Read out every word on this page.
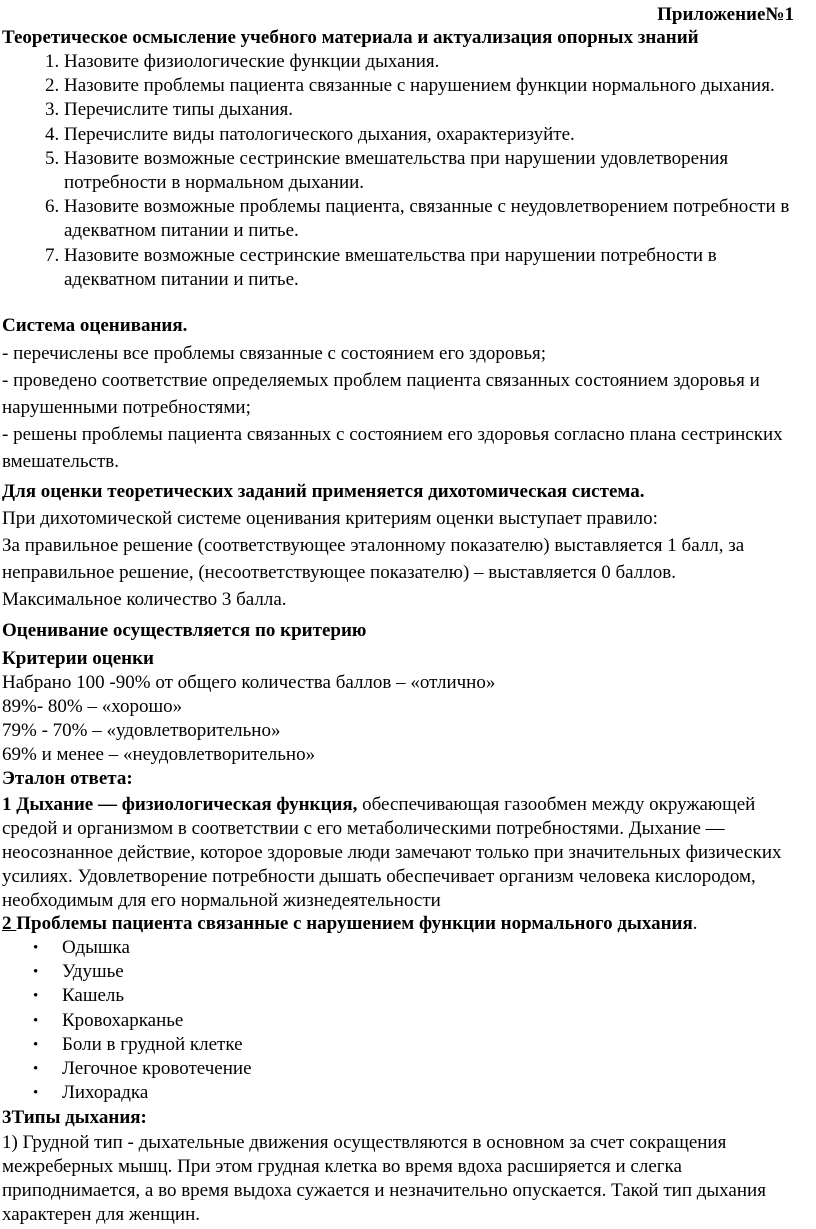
Приложение№1
Теоретическое осмысление учебного материала и актуализация опорных знаний
1. Назовите физиологические функции дыхания.
2. Назовите проблемы пациента связанные с нарушением функции нормального дыхания.
3. Перечислите типы дыхания.
4. Перечислите виды патологического дыхания, охарактеризуйте.
5. Назовите возможные сестринские вмешательства при нарушении удовлетворения потребности в нормальном дыхании.
6. Назовите возможные проблемы пациента, связанные с неудовлетворением потребности в адекватном питании и питье.
7. Назовите возможные сестринские вмешательства при нарушении потребности в адекватном питании и питье.
Система оценивания.

- перечислены все проблемы связанные с состоянием его здоровья;

- проведено соответствие определяемых проблем пациента связанных состоянием здоровья и нарушенными потребностями;

- решены проблемы пациента связанных с состоянием его здоровья согласно плана сестринских вмешательств.

Для оценки теоретических заданий применяется дихотомическая система.

При дихотомической системе оценивания критериям оценки выступает правило:

За правильное решение (соответствующее эталонному показателю) выставляется 1 балл, за неправильное решение, (несоответствующее показателю) – выставляется 0 баллов.

Максимальное количество 3 балла.

Оценивание осуществляется по критерию
Критерии оценки

Набрано 100 -90% от общего количества баллов – «отлично»

89%- 80% – «хорошо»

79% - 70% – «удовлетворительно»

69% и менее – «неудовлетворительно»

Эталон ответа:
1 Дыхание — физиологическая функция, обеспечивающая газообмен между окружающей средой и организмом в соответствии с его метаболическими потребностями. Дыхание — неосознанное действие, которое здоровые люди замечают только при значительных физических усилиях. Удовлетворение потребности дышать обеспечивает организм человека кислородом, необходимым для его нормальной жизнедеятельности
2 Проблемы пациента связанные с нарушением функции нормального дыхания.
• Одышка
• Удушье
• Кашель
• Кровохарканье
• Боли в грудной клетке
• Легочное кровотечение
• Лихорадка
3Типы дыхания:
1) Грудной тип - дыхательные движения осуществляются в основном за счет сокращения межреберных мышц. При этом грудная клетка во время вдоха расширяется и слегка приподнимается, а во время выдоха сужается и незначительно опускается. Такой тип дыхания характерен для женщин.
